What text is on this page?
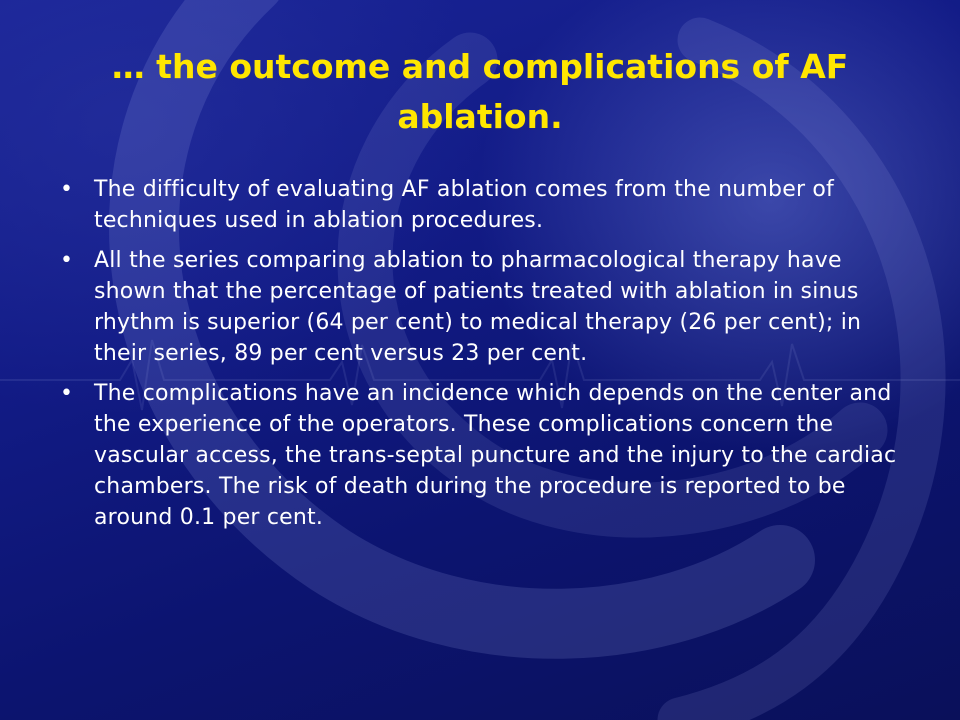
… the outcome and complications of AF ablation.
• The difficulty of evaluating AF ablation comes from the number of techniques used in ablation procedures.
• All the series comparing ablation to pharmacological therapy have shown that the percentage of patients treated with ablation in sinus rhythm is superior (64 per cent) to medical therapy (26 per cent); in their series, 89 per cent versus 23 per cent.
• The complications have an incidence which depends on the center and the experience of the operators. These complications concern the vascular access, the trans-septal puncture and the injury to the cardiac chambers. The risk of death during the procedure is reported to be around 0.1 per cent.
